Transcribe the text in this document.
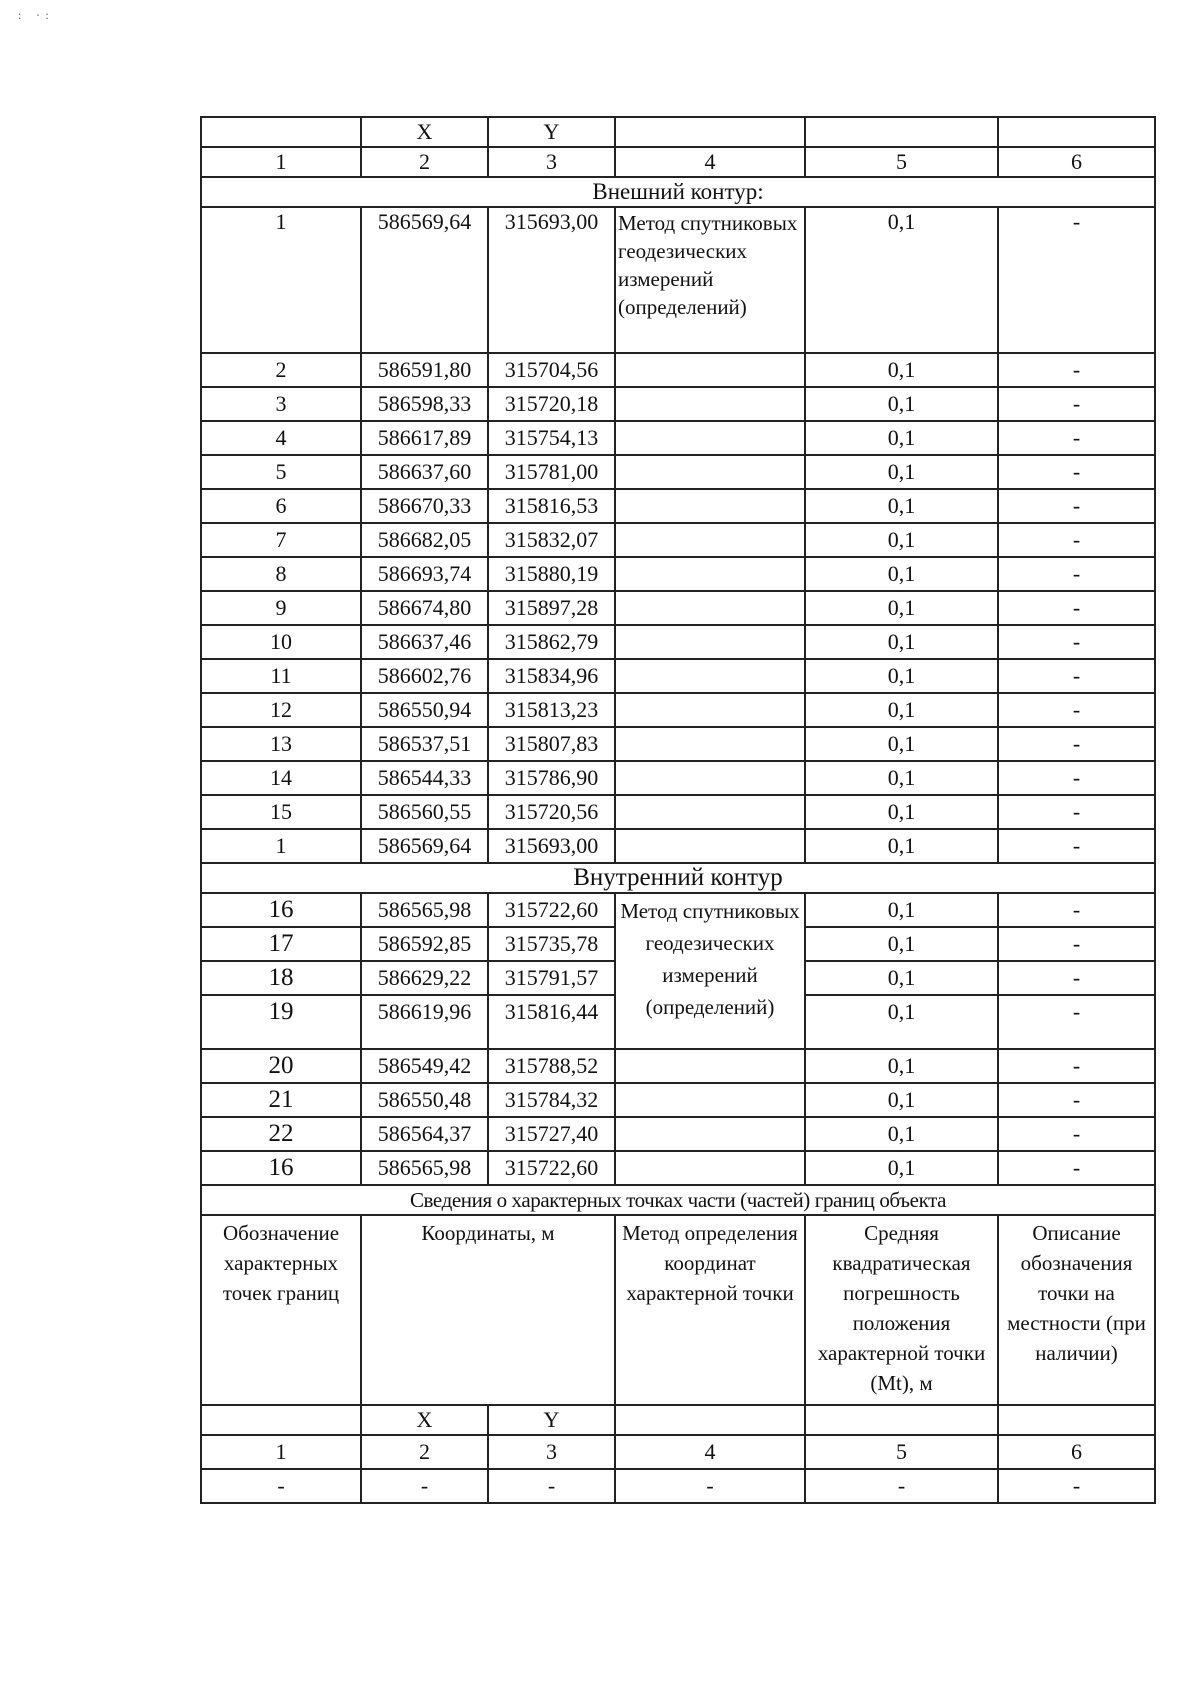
: ∙:
	X	Y			
1	2	3	4	5	6
Внешний контур:					
1	586569,64	315693,00	Метод спутниковых геодезических измерений (определений)	0,1	-
2	586591,80	315704,56		0,1	-
3	586598,33	315720,18		0,1	-
4	586617,89	315754,13		0,1	-
5	586637,60	315781,00		0,1	-
6	586670,33	315816,53		0,1	-
7	586682,05	315832,07		0,1	-
8	586693,74	315880,19		0,1	-
9	586674,80	315897,28		0,1	-
10	586637,46	315862,79		0,1	-
11	586602,76	315834,96		0,1	-
12	586550,94	315813,23		0,1	-
13	586537,51	315807,83		0,1	-
14	586544,33	315786,90		0,1	-
15	586560,55	315720,56		0,1	-
1	586569,64	315693,00		0,1	-
Внутренний контур					
16	586565,98	315722,60	Метод спутниковых геодезических измерений (определений)	0,1	-
17	586592,85	315735,78		0,1	-
18	586629,22	315791,57		0,1	-
19	586619,96	315816,44		0,1	-
20	586549,42	315788,52		0,1	-
21	586550,48	315784,32		0,1	-
22	586564,37	315727,40		0,1	-
16	586565,98	315722,60		0,1	-
Сведения о характерных точках части (частей) границ объекта					
Обозначение характерных точек границ	Координаты, м		Метод определения координат характерной точки	Средняя квадратическая погрешность положения характерной точки (Mt), м	Описание обозначения точки на местности (при наличии)
	X	Y			
1	2	3	4	5	6
-	-	-	-	-	-
